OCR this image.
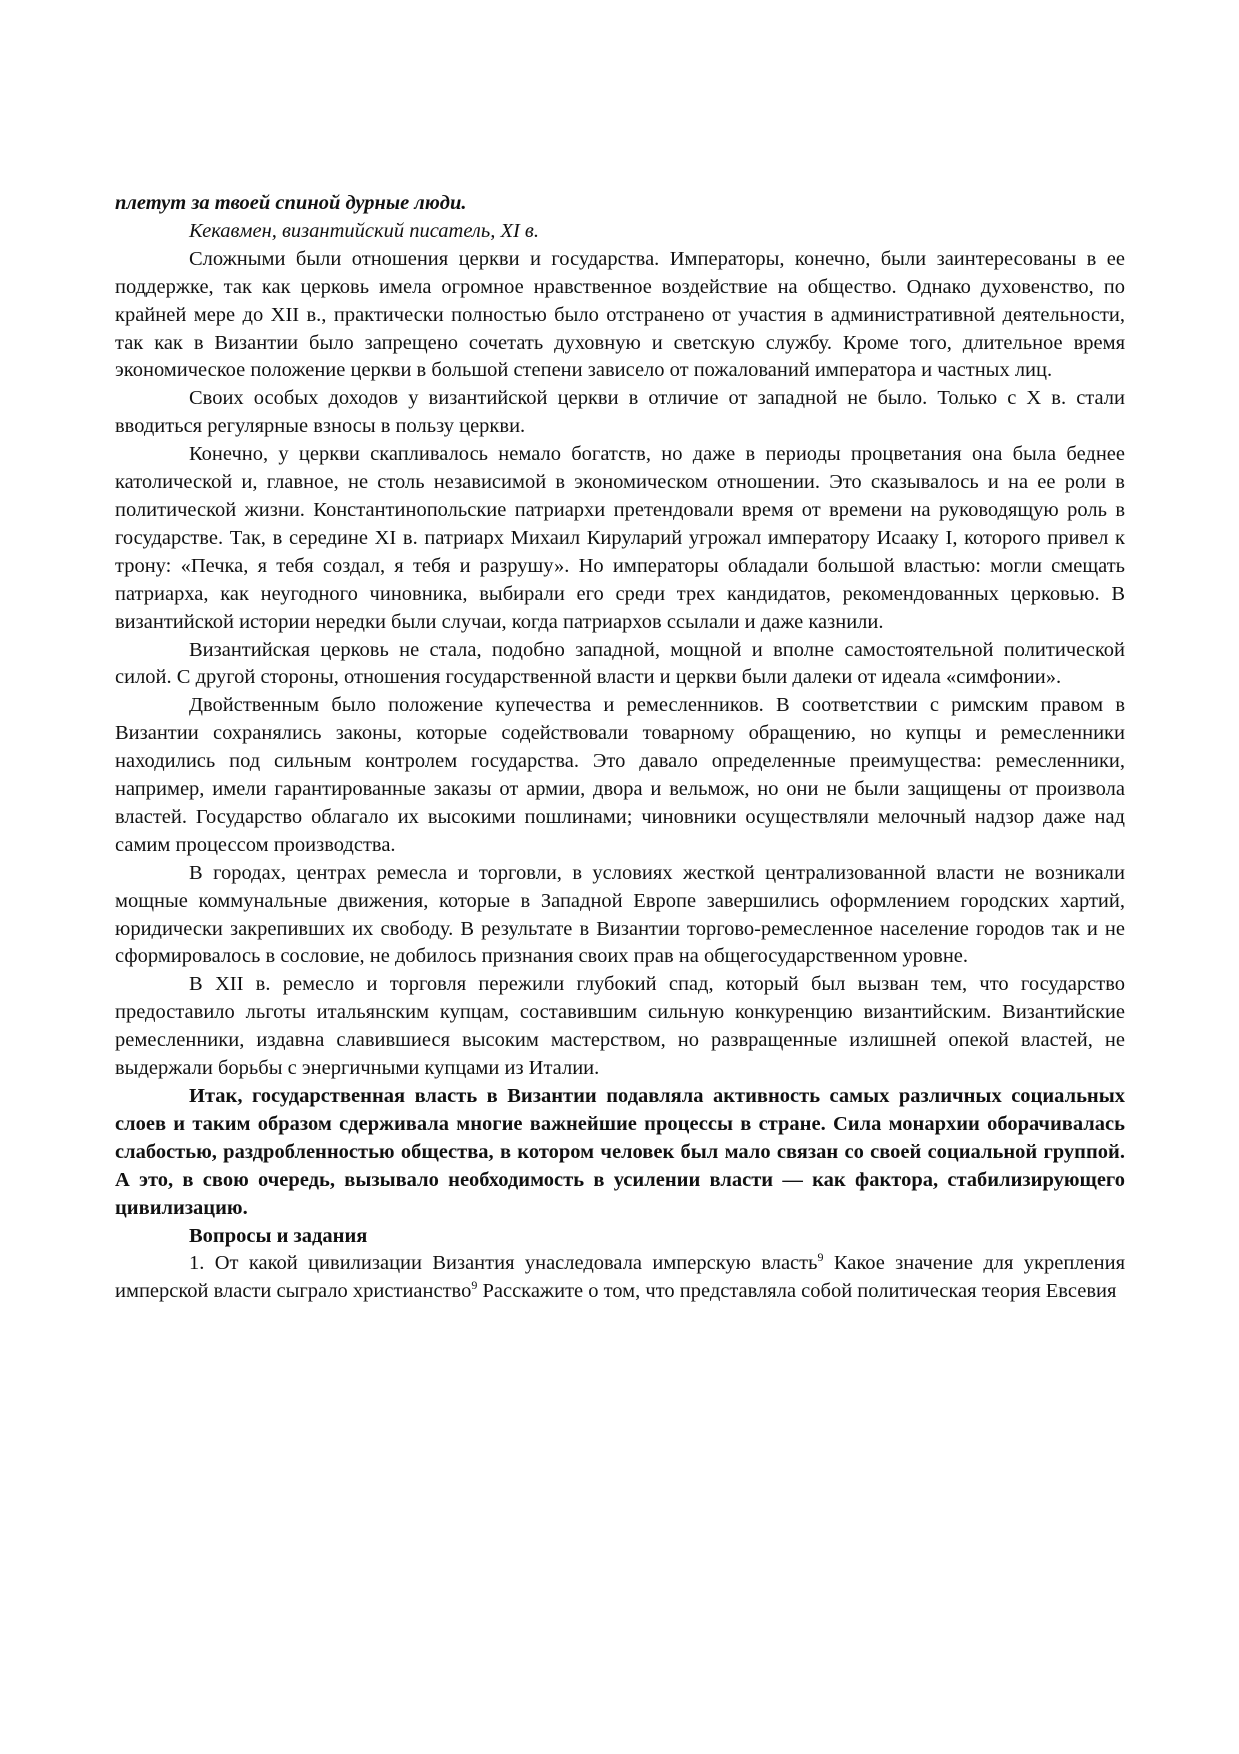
плетут за твоей спиной дурные люди.

Кекавмен, византийский писатель, XI в.

Сложными были отношения церкви и государства. Императоры, конечно, были заинтересованы в ее поддержке, так как церковь имела огромное нравственное воздействие на общество. Однако духовенство, по крайней мере до XII в., практически полностью было отстранено от участия в административной деятельности, так как в Византии было запрещено сочетать духовную и светскую службу. Кроме того, длительное время экономическое положение церкви в большой степени зависело от пожалований императора и частных лиц.

Своих особых доходов у византийской церкви в отличие от западной не было. Только с X в. стали вводиться регулярные взносы в пользу церкви.

Конечно, у церкви скапливалось немало богатств, но даже в периоды процветания она была беднее католической и, главное, не столь независимой в экономическом отношении. Это сказывалось и на ее роли в политической жизни. Константинопольские патриархи претендовали время от времени на руководящую роль в государстве. Так, в середине XI в. патриарх Михаил Кируларий угрожал императору Исааку I, которого привел к трону: «Печка, я тебя создал, я тебя и разрушу». Но императоры обладали большой властью: могли смещать патриарха, как неугодного чиновника, выбирали его среди трех кандидатов, рекомендованных церковью. В византийской истории нередки были случаи, когда патриархов ссылали и даже казнили.

Византийская церковь не стала, подобно западной, мощной и вполне самостоятельной политической силой. С другой стороны, отношения государственной власти и церкви были далеки от идеала «симфонии».

Двойственным было положение купечества и ремесленников. В соответствии с римским правом в Византии сохранялись законы, которые содействовали товарному обращению, но купцы и ремесленники находились под сильным контролем государства. Это давало определенные преимущества: ремесленники, например, имели гарантированные заказы от армии, двора и вельмож, но они не были защищены от произвола властей. Государство облагало их высокими пошлинами; чиновники осуществляли мелочный надзор даже над самим процессом производства.

В городах, центрах ремесла и торговли, в условиях жесткой централизованной власти не возникали мощные коммунальные движения, которые в Западной Европе завершились оформлением городских хартий, юридически закрепивших их свободу. В результате в Византии торгово-ремесленное население городов так и не сформировалось в сословие, не добилось признания своих прав на общегосударственном уровне.

В XII в. ремесло и торговля пережили глубокий спад, который был вызван тем, что государство предоставило льготы итальянским купцам, составившим сильную конкуренцию византийским. Византийские ремесленники, издавна славившиеся высоким мастерством, но развращенные излишней опекой властей, не выдержали борьбы с энергичными купцами из Италии.

Итак, государственная власть в Византии подавляла активность самых различных социальных слоев и таким образом сдерживала многие важнейшие процессы в стране. Сила монархии оборачивалась слабостью, раздробленностью общества, в котором человек был мало связан со своей социальной группой. А это, в свою очередь, вызывало необходимость в усилении власти — как фактора, стабилизирующего цивилизацию.

Вопросы и задания

1. От какой цивилизации Византия унаследовала имперскую власть$^9$ Какое значение для укрепления имперской власти сыграло христианство$^9$ Расскажите о том, что представляла собой политическая теория Евсевия
